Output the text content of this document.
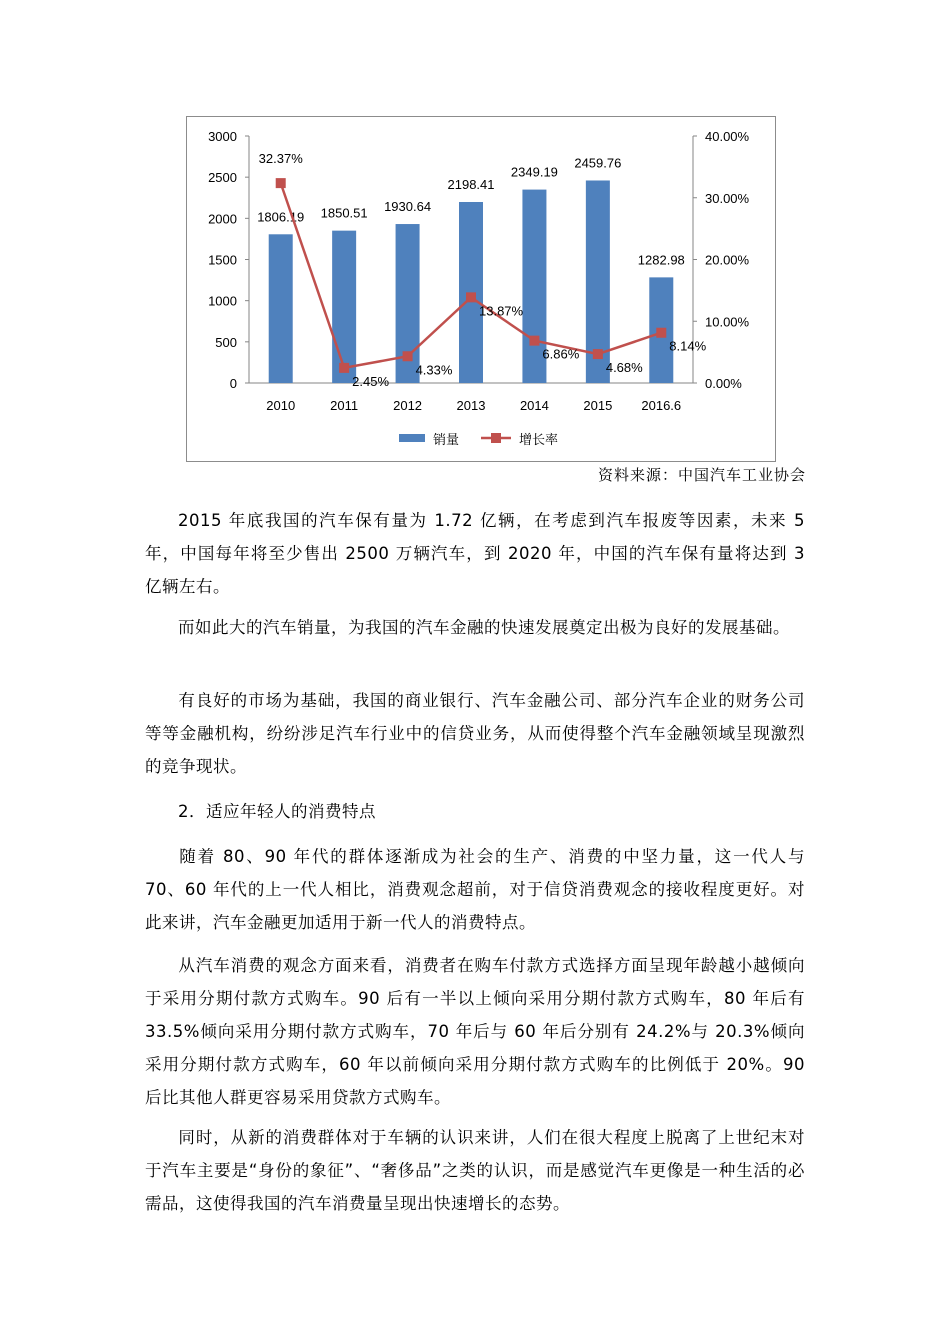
0
500
1000
1500
2000
2500
3000
0.00%
10.00%
20.00%
30.00%
40.00%
1806.19 1850.51 1930.64
2198.41
2349.19
2459.76
1282.98
2010	2011	2012	2013	2014	2015 2016.6
32.37%
2.45%
4.33%
13.87%
6.86%
4.68%
8.14%
销量	增长率
资料来源：中国汽车工业协会

2015 年底我国的汽车保有量为 1.72 亿辆，在考虑到汽车报废等因素，未来 5 年，中国每年将至少售出 2500 万辆汽车，到 2020 年，中国的汽车保有量将达到 3 亿辆左右。

而如此大的汽车销量，为我国的汽车金融的快速发展奠定出极为良好的发展基础。

有良好的市场为基础，我国的商业银行、汽车金融公司、部分汽车企业的财务公司等等金融机构，纷纷涉足汽车行业中的信贷业务，从而使得整个汽车金融领域呈现激烈的竞争现状。

2．适应年轻人的消费特点

随着 80、90 年代的群体逐渐成为社会的生产、消费的中坚力量，这一代人与 70、60 年代的上一代人相比，消费观念超前，对于信贷消费观念的接收程度更好。对此来讲，汽车金融更加适用于新一代人的消费特点。

从汽车消费的观念方面来看，消费者在购车付款方式选择方面呈现年龄越小越倾向于采用分期付款方式购车。90 后有一半以上倾向采用分期付款方式购车，80 年后有 33.5%倾向采用分期付款方式购车，70 年后与 60 年后分别有 24.2%与 20.3%倾向采用分期付款方式购车，60 年以前倾向采用分期付款方式购车的比例低于 20%。90 后比其他人群更容易采用贷款方式购车。

同时，从新的消费群体对于车辆的认识来讲，人们在很大程度上脱离了上世纪末对于汽车主要是“身份的象征”、“奢侈品”之类的认识，而是感觉汽车更像是一种生活的必需品，这使得我国的汽车消费量呈现出快速增长的态势。
